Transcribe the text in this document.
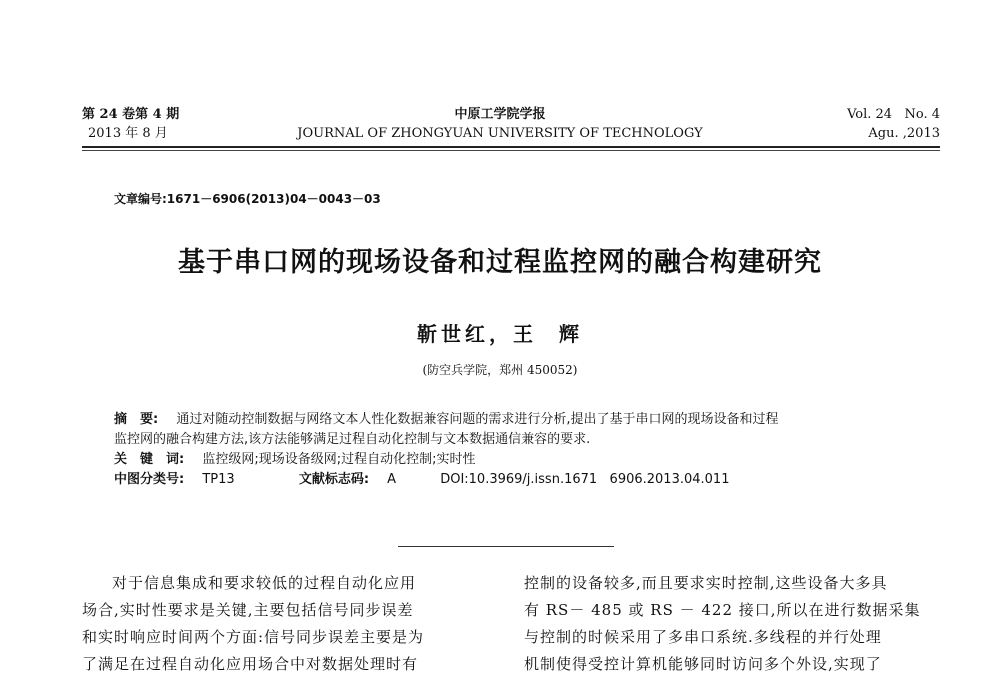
第 24 卷第 4 期
2013 年 8 月
中原工学院学报
JOURNAL OF ZHONGYUAN UNIVERSITY OF TECHNOLOGY
Vol. 24   No. 4
Agu. ,2013
文章编号:1671－6906(2013)04－0043－03
基于串口网的现场设备和过程监控网的融合构建研究
靳世红，王  辉
(防空兵学院，郑州 450052)
摘　要: 通过对随动控制数据与网络文本人性化数据兼容问题的需求进行分析,提出了基于串口网的现场设备和过程
监控网的融合构建方法,该方法能够满足过程自动化控制与文本数据通信兼容的要求.
关　键　词: 监控级网;现场设备级网;过程自动化控制;实时性
中图分类号: TP13	文献标志码: A	DOI:10.3969/j.issn.1671   6906.2013.04.011

对于信息集成和要求较低的过程自动化应用

场合,实时性要求是关键,主要包括信号同步误差

和实时响应时间两个方面:信号同步误差主要是为

了满足在过程自动化应用场合中对数据处理时有

控制的设备较多,而且要求实时控制,这些设备大多具

有 RS－ 485 或 RS － 422 接口,所以在进行数据采集

与控制的时候采用了多串口系统.多线程的并行处理

机制使得受控计算机能够同时访问多个外设,实现了
